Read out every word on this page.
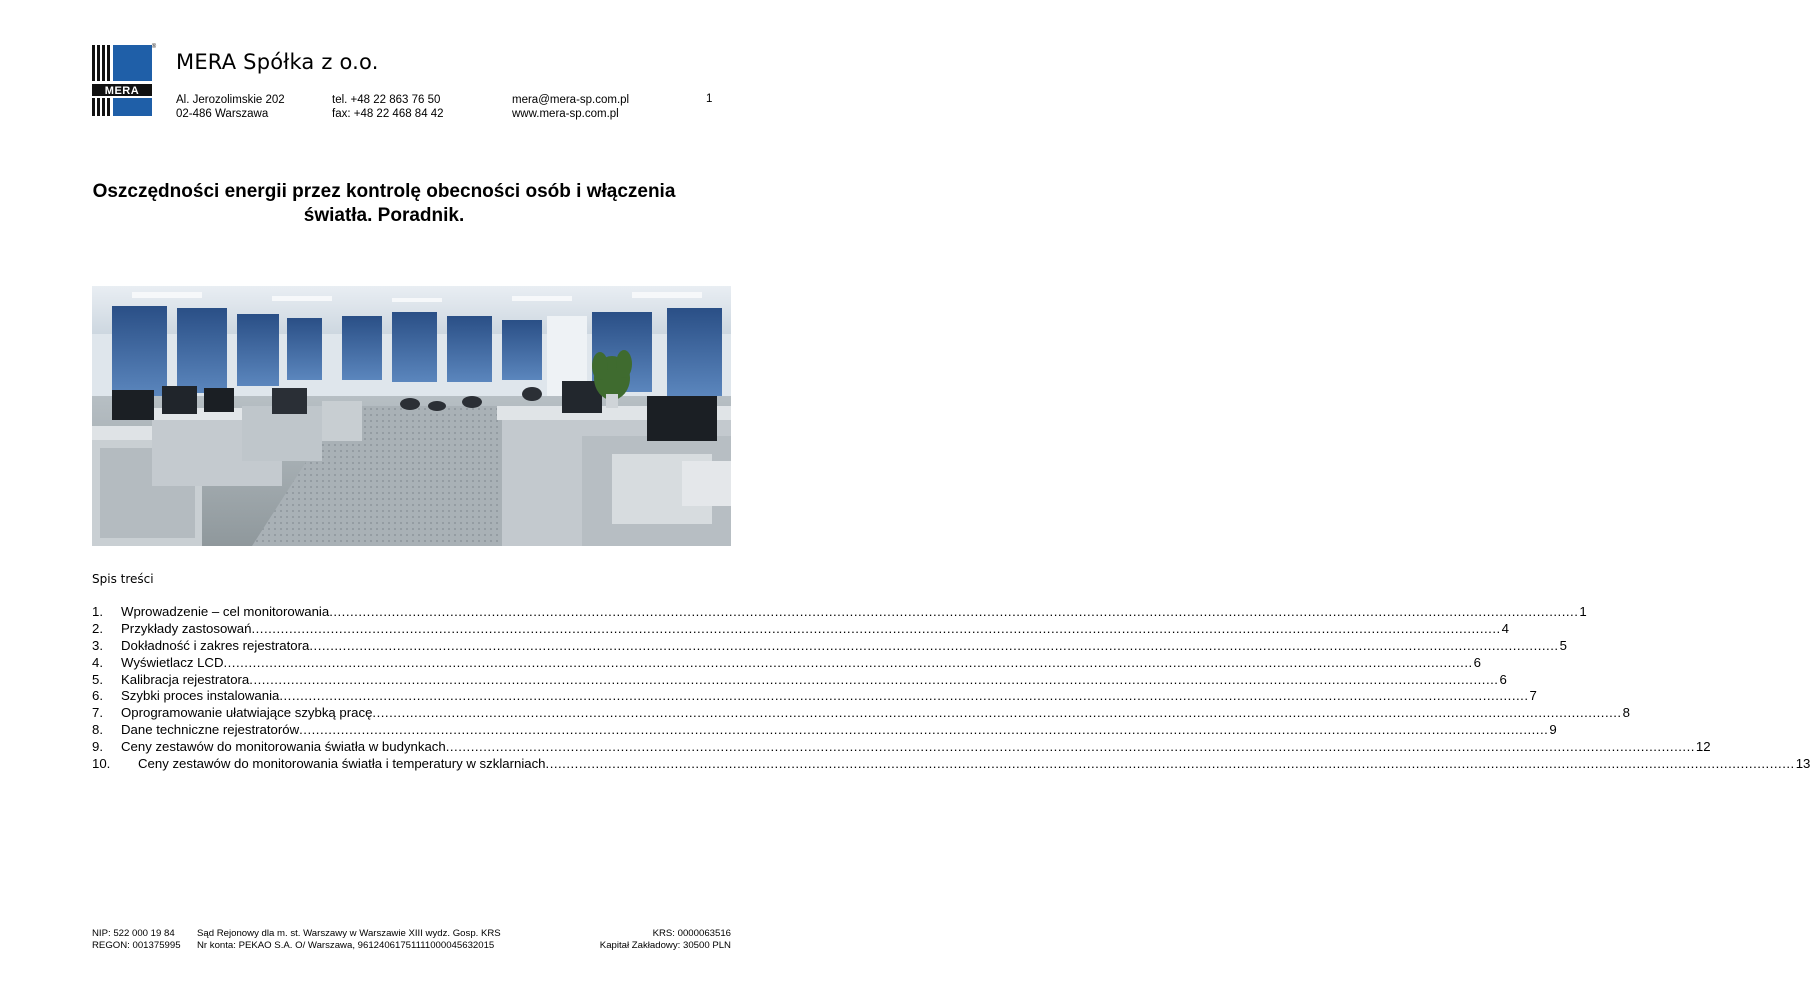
MERA
®
MERA Spółka z o.o.
Al. Jerozolimskie 202
02-486 Warszawa
tel. +48 22 863 76 50
fax: +48 22 468 84 42
mera@mera-sp.com.pl
www.mera-sp.com.pl
1
Oszczędności energii przez kontrolę obecności osób i włączenia
światła. Poradnik.
Spis treści
1.	Wprowadzenie – cel monitorowania ............................................................................................................................................................................................................................................................................................................ 1
2.	Przykłady zastosowań ............................................................................................................................................................................................................................................................................................................ 4
3.	Dokładność i zakres rejestratora ............................................................................................................................................................................................................................................................................................................ 5
4.	Wyświetlacz LCD ............................................................................................................................................................................................................................................................................................................ 6
5.	Kalibracja rejestratora ............................................................................................................................................................................................................................................................................................................ 6
6.	Szybki proces instalowania ............................................................................................................................................................................................................................................................................................................ 7
7.	Oprogramowanie ułatwiające szybką pracę ............................................................................................................................................................................................................................................................................................................ 8
8.	Dane techniczne rejestratorów ............................................................................................................................................................................................................................................................................................................ 9
9.	Ceny zestawów do monitorowania światła w budynkach ............................................................................................................................................................................................................................................................................................................ 12
10.	Ceny zestawów do monitorowania światła i temperatury w szklarniach ............................................................................................................................................................................................................................................................................................................ 13
NIP: 522 000 19 84
REGON: 001375995
Sąd Rejonowy dla m. st. Warszawy w Warszawie XIII wydz. Gosp. KRS
Nr konta: PEKAO S.A. O/ Warszawa, 96124061751111000045632015
KRS: 0000063516
Kapitał Zakładowy: 30500 PLN
